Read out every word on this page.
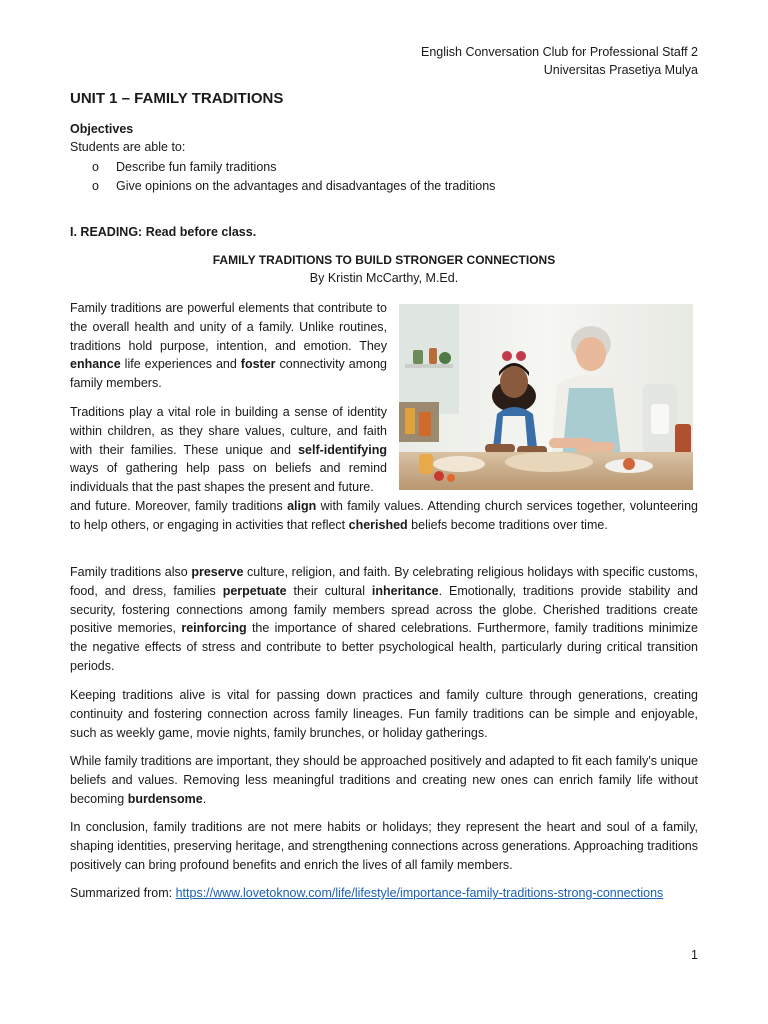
English Conversation Club for Professional Staff 2
Universitas Prasetiya Mulya
UNIT 1 – FAMILY TRADITIONS
Objectives
Students are able to:
o Describe fun family traditions
o Give opinions on the advantages and disadvantages of the traditions
I. READING: Read before class.
FAMILY TRADITIONS TO BUILD STRONGER CONNECTIONS
By Kristin McCarthy, M.Ed.

Family traditions are powerful elements that contribute to the overall health and unity of a family. Unlike routines, traditions hold purpose, intention, and emotion. They enhance life experiences and foster connectivity among family members.

Traditions play a vital role in building a sense of identity within children, as they share values, culture, and faith with their families. These unique and self-identifying ways of gathering help pass on beliefs and remind individuals that the past shapes the present and future.

and future. Moreover, family traditions align with family values. Attending church services together, volunteering to help others, or engaging in activities that reflect cherished beliefs become traditions over time.

Family traditions also preserve culture, religion, and faith. By celebrating religious holidays with specific customs, food, and dress, families perpetuate their cultural inheritance. Emotionally, traditions provide stability and security, fostering connections among family members spread across the globe. Cherished traditions create positive memories, reinforcing the importance of shared celebrations. Furthermore, family traditions minimize the negative effects of stress and contribute to better psychological health, particularly during critical transition periods.

Keeping traditions alive is vital for passing down practices and family culture through generations, creating continuity and fostering connection across family lineages. Fun family traditions can be simple and enjoyable, such as weekly game, movie nights, family brunches, or holiday gatherings.

While family traditions are important, they should be approached positively and adapted to fit each family's unique beliefs and values. Removing less meaningful traditions and creating new ones can enrich family life without becoming burdensome.

In conclusion, family traditions are not mere habits or holidays; they represent the heart and soul of a family, shaping identities, preserving heritage, and strengthening connections across generations. Approaching traditions positively can bring profound benefits and enrich the lives of all family members.

Summarized from: https://www.lovetoknow.com/life/lifestyle/importance-family-traditions-strong-connections

1
